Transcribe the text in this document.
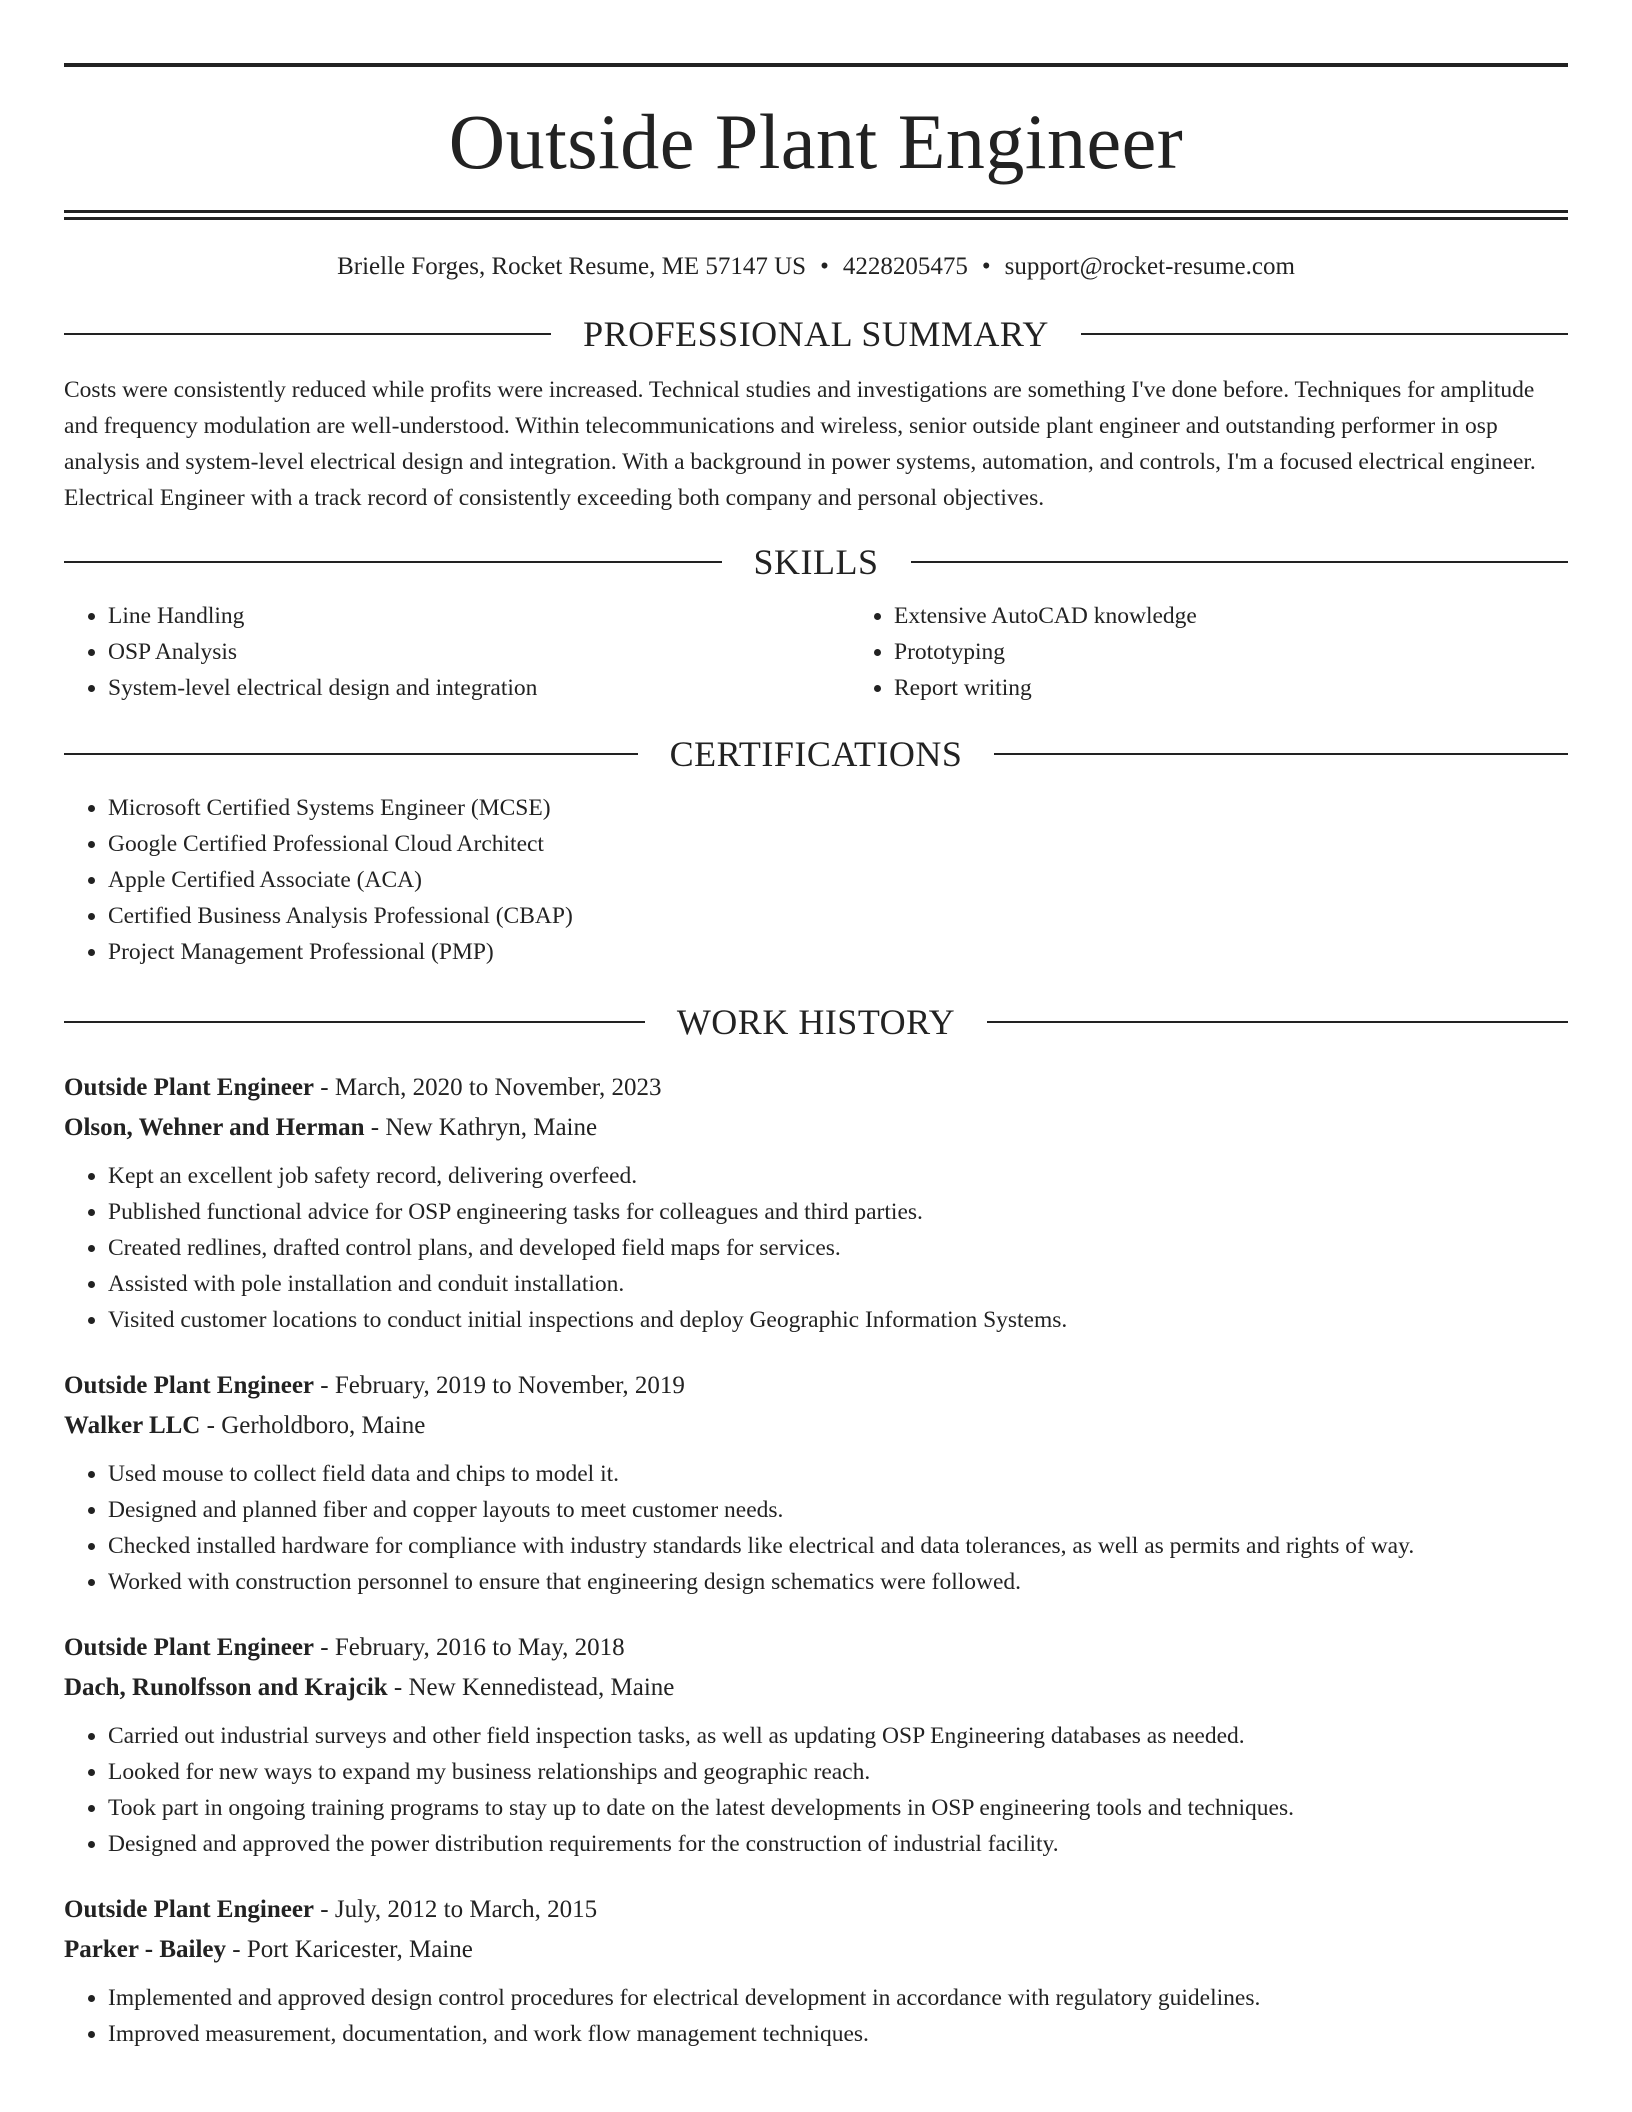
Outside Plant Engineer
Brielle Forges, Rocket Resume, ME 57147 US • 4228205475 • support@rocket-resume.com
PROFESSIONAL SUMMARY

Costs were consistently reduced while profits were increased. Technical studies and investigations are something I've done before. Techniques for amplitude and frequency modulation are well-understood. Within telecommunications and wireless, senior outside plant engineer and outstanding performer in osp analysis and system-level electrical design and integration. With a background in power systems, automation, and controls, I'm a focused electrical engineer. Electrical Engineer with a track record of consistently exceeding both company and personal objectives.

SKILLS
• Line Handling
• OSP Analysis
• System-level electrical design and integration
• Extensive AutoCAD knowledge
• Prototyping
• Report writing
CERTIFICATIONS
• Microsoft Certified Systems Engineer (MCSE)
• Google Certified Professional Cloud Architect
• Apple Certified Associate (ACA)
• Certified Business Analysis Professional (CBAP)
• Project Management Professional (PMP)
WORK HISTORY
Outside Plant Engineer - March, 2020 to November, 2023
Olson, Wehner and Herman - New Kathryn, Maine
• Kept an excellent job safety record, delivering overfeed.
• Published functional advice for OSP engineering tasks for colleagues and third parties.
• Created redlines, drafted control plans, and developed field maps for services.
• Assisted with pole installation and conduit installation.
• Visited customer locations to conduct initial inspections and deploy Geographic Information Systems.
Outside Plant Engineer - February, 2019 to November, 2019
Walker LLC - Gerholdboro, Maine
• Used mouse to collect field data and chips to model it.
• Designed and planned fiber and copper layouts to meet customer needs.
• Checked installed hardware for compliance with industry standards like electrical and data tolerances, as well as permits and rights of way.
• Worked with construction personnel to ensure that engineering design schematics were followed.
Outside Plant Engineer - February, 2016 to May, 2018
Dach, Runolfsson and Krajcik - New Kennedistead, Maine
• Carried out industrial surveys and other field inspection tasks, as well as updating OSP Engineering databases as needed.
• Looked for new ways to expand my business relationships and geographic reach.
• Took part in ongoing training programs to stay up to date on the latest developments in OSP engineering tools and techniques.
• Designed and approved the power distribution requirements for the construction of industrial facility.
Outside Plant Engineer - July, 2012 to March, 2015
Parker - Bailey - Port Karicester, Maine
• Implemented and approved design control procedures for electrical development in accordance with regulatory guidelines.
• Improved measurement, documentation, and work flow management techniques.
